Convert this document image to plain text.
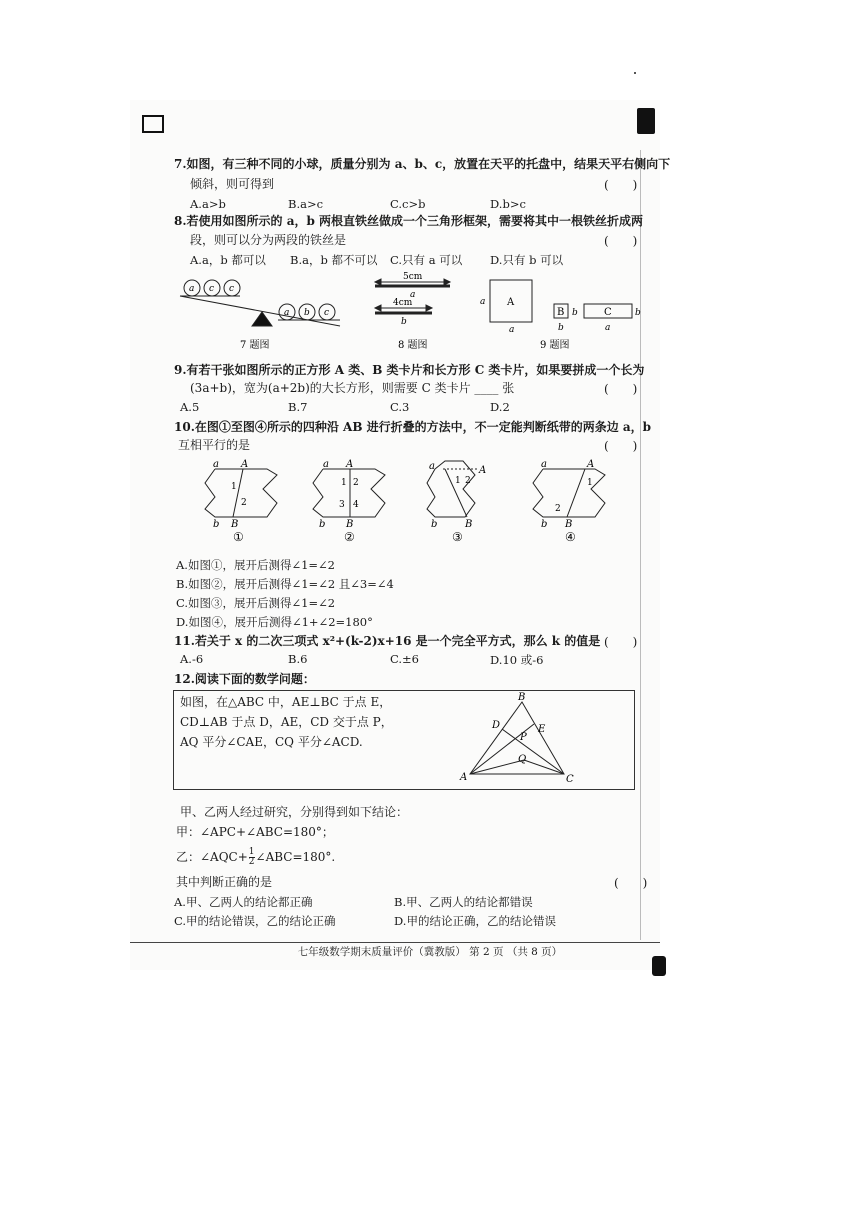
7.如图，有三种不同的小球，质量分别为 a、b、c，放置在天平的托盘中，结果天平右侧向下
倾斜，则可得到	(　　)
A.a>b	B.a>c	C.c>b	D.b>c
8.若使用如图所示的 a，b 两根直铁丝做成一个三角形框架，需要将其中一根铁丝折成两
段，则可以分为两段的铁丝是	(　　)
A.a，b 都可以 B.a，b 都不可以 C.只有 a 可以 D.只有 b 可以
a c c
a b c
7 题图
5cm
a
4cm
b
8 题图
A
a
a
B b
b
C	b
a
9 题图
9.有若干张如图所示的正方形 A 类、B 类卡片和长方形 C 类卡片，如果要拼成一个长为
(3a+b)，宽为(a+2b)的大长方形，则需要 C 类卡片 ____ 张	(　　)
A.5	B.7	C.3	D.2
10.在图①至图④所示的四种沿 AB 进行折叠的方法中，不一定能判断纸带的两条边 a，b
互相平行的是	(　　)
a A
b B
1
2
a A
b B
1 2
3 4
a	A
b	B
1 2
a	A
b B
1
2
①	②	③	④
A.如图①，展开后测得∠1=∠2
B.如图②，展开后测得∠1=∠2 且∠3=∠4
C.如图③，展开后测得∠1=∠2
D.如图④，展开后测得∠1+∠2=180°
11.若关于 x 的二次三项式 x²+(k-2)x+16 是一个完全平方式，那么 k 的值是 (　　)
A.-6	B.6	C.±6	D.10 或-6
12.阅读下面的数学问题：
如图，在△ABC 中，AE⊥BC 于点 E，
CD⊥AB 于点 D，AE，CD 交于点 P，
AQ 平分∠CAE，CQ 平分∠ACD.
A
B
C
D	E
P
Q
甲、乙两人经过研究，分别得到如下结论：
甲：∠APC+∠ABC=180°；
乙：∠AQC+ $\frac{1}{2}$ ∠ABC=180°.
其中判断正确的是	(　　)
A.甲、乙两人的结论都正确	B.甲、乙两人的结论都错误
C.甲的结论错误，乙的结论正确	D.甲的结论正确，乙的结论错误
七年级数学期末质量评价（冀教版） 第 2 页 （共 8 页）
